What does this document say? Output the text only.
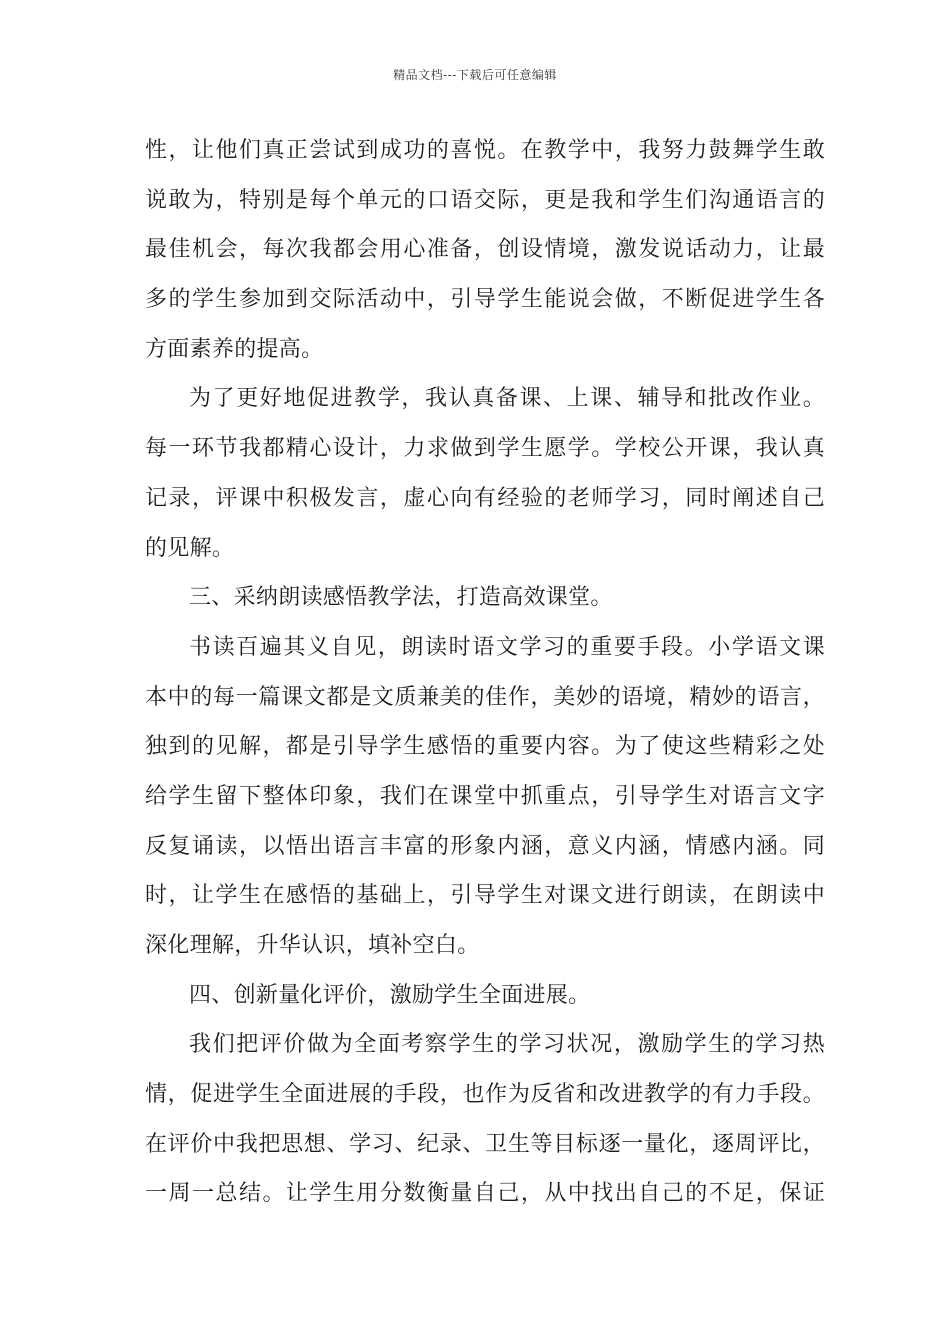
精品文档---下载后可任意编辑
性，让他们真正尝试到成功的喜悦。在教学中，我努力鼓舞学生敢
说敢为，特别是每个单元的口语交际，更是我和学生们沟通语言的
最佳机会，每次我都会用心准备，创设情境，激发说话动力，让最
多的学生参加到交际活动中，引导学生能说会做，不断促进学生各
方面素养的提高。
为了更好地促进教学，我认真备课、上课、辅导和批改作业。
每一环节我都精心设计，力求做到学生愿学。学校公开课，我认真
记录，评课中积极发言，虚心向有经验的老师学习，同时阐述自己
的见解。
三、采纳朗读感悟教学法，打造高效课堂。
书读百遍其义自见，朗读时语文学习的重要手段。小学语文课
本中的每一篇课文都是文质兼美的佳作，美妙的语境，精妙的语言，
独到的见解，都是引导学生感悟的重要内容。为了使这些精彩之处
给学生留下整体印象，我们在课堂中抓重点，引导学生对语言文字
反复诵读，以悟出语言丰富的形象内涵，意义内涵，情感内涵。同
时，让学生在感悟的基础上，引导学生对课文进行朗读，在朗读中
深化理解，升华认识，填补空白。
四、创新量化评价，激励学生全面进展。
我们把评价做为全面考察学生的学习状况，激励学生的学习热
情，促进学生全面进展的手段，也作为反省和改进教学的有力手段。
在评价中我把思想、学习、纪录、卫生等目标逐一量化，逐周评比，
一周一总结。让学生用分数衡量自己，从中找出自己的不足，保证
